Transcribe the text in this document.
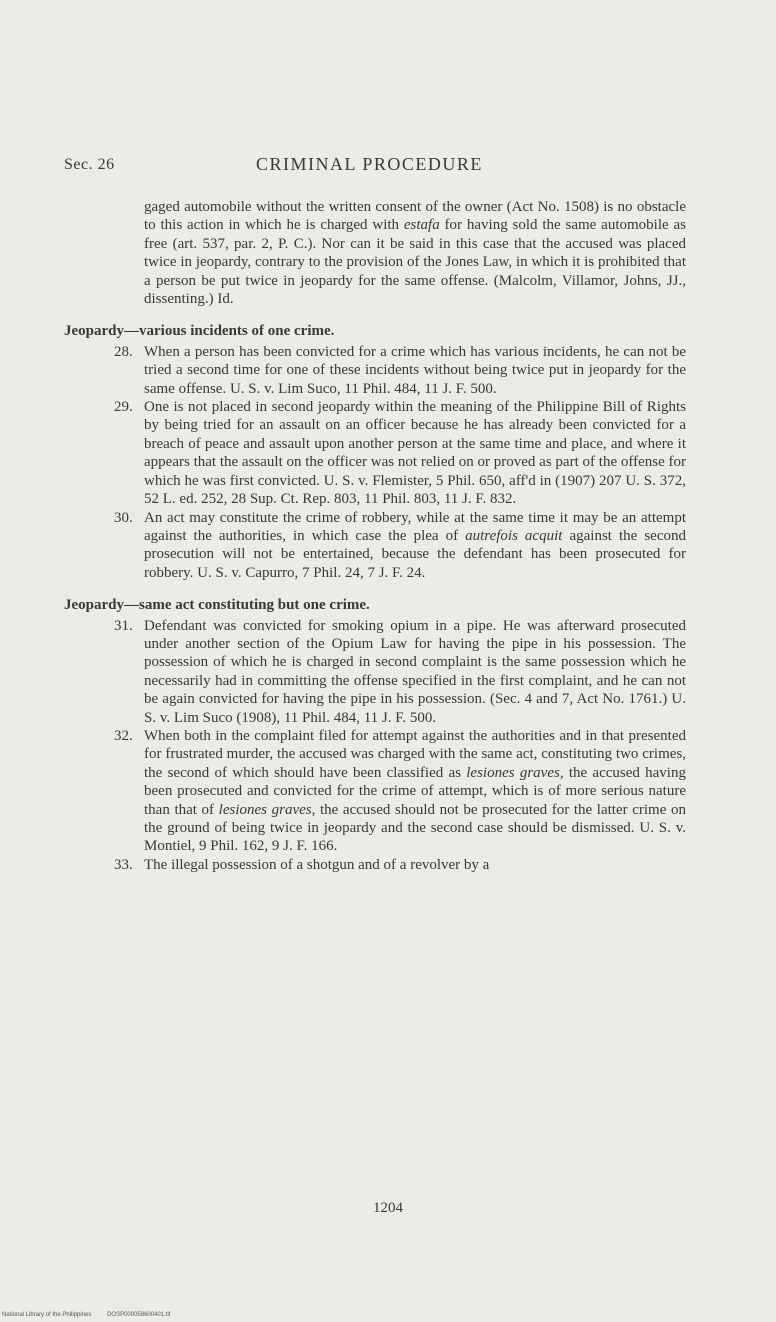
Sec. 26	CRIMINAL PROCEDURE

gaged automobile without the written consent of the owner (Act No. 1508) is no obstacle to this action in which he is charged with estafa for having sold the same automobile as free (art. 537, par. 2, P. C.). Nor can it be said in this case that the accused was placed twice in jeopardy, contrary to the provision of the Jones Law, in which it is prohibited that a person be put twice in jeopardy for the same offense. (Malcolm, Villamor, Johns, JJ., dissenting.) Id.

Jeopardy—various incidents of one crime.

28. When a person has been convicted for a crime which has various incidents, he can not be tried a second time for one of these incidents without being twice put in jeopardy for the same offense. U. S. v. Lim Suco, 11 Phil. 484, 11 J. F. 500.

29. One is not placed in second jeopardy within the meaning of the Philippine Bill of Rights by being tried for an assault on an officer because he has already been convicted for a breach of peace and assault upon another person at the same time and place, and where it appears that the assault on the officer was not relied on or proved as part of the offense for which he was first convicted. U. S. v. Flemister, 5 Phil. 650, aff'd in (1907) 207 U. S. 372, 52 L. ed. 252, 28 Sup. Ct. Rep. 803, 11 Phil. 803, 11 J. F. 832.

30. An act may constitute the crime of robbery, while at the same time it may be an attempt against the authorities, in which case the plea of autrefois acquit against the second prosecution will not be entertained, because the defendant has been prosecuted for robbery. U. S. v. Capurro, 7 Phil. 24, 7 J. F. 24.

Jeopardy—same act constituting but one crime.

31. Defendant was convicted for smoking opium in a pipe. He was afterward prosecuted under another section of the Opium Law for having the pipe in his possession. The possession of which he is charged in second complaint is the same possession which he necessarily had in committing the offense specified in the first complaint, and he can not be again convicted for having the pipe in his possession. (Sec. 4 and 7, Act No. 1761.) U. S. v. Lim Suco (1908), 11 Phil. 484, 11 J. F. 500.

32. When both in the complaint filed for attempt against the authorities and in that presented for frustrated murder, the accused was charged with the same act, constituting two crimes, the second of which should have been classified as lesiones graves, the accused having been prosecuted and convicted for the crime of attempt, which is of more serious nature than that of lesiones graves, the accused should not be prosecuted for the latter crime on the ground of being twice in jeopardy and the second case should be dismissed. U. S. v. Montiel, 9 Phil. 162, 9 J. F. 166.

33. The illegal possession of a shotgun and of a revolver by a

1204
National Library of the Philippines	DOSP000058600401.tif
